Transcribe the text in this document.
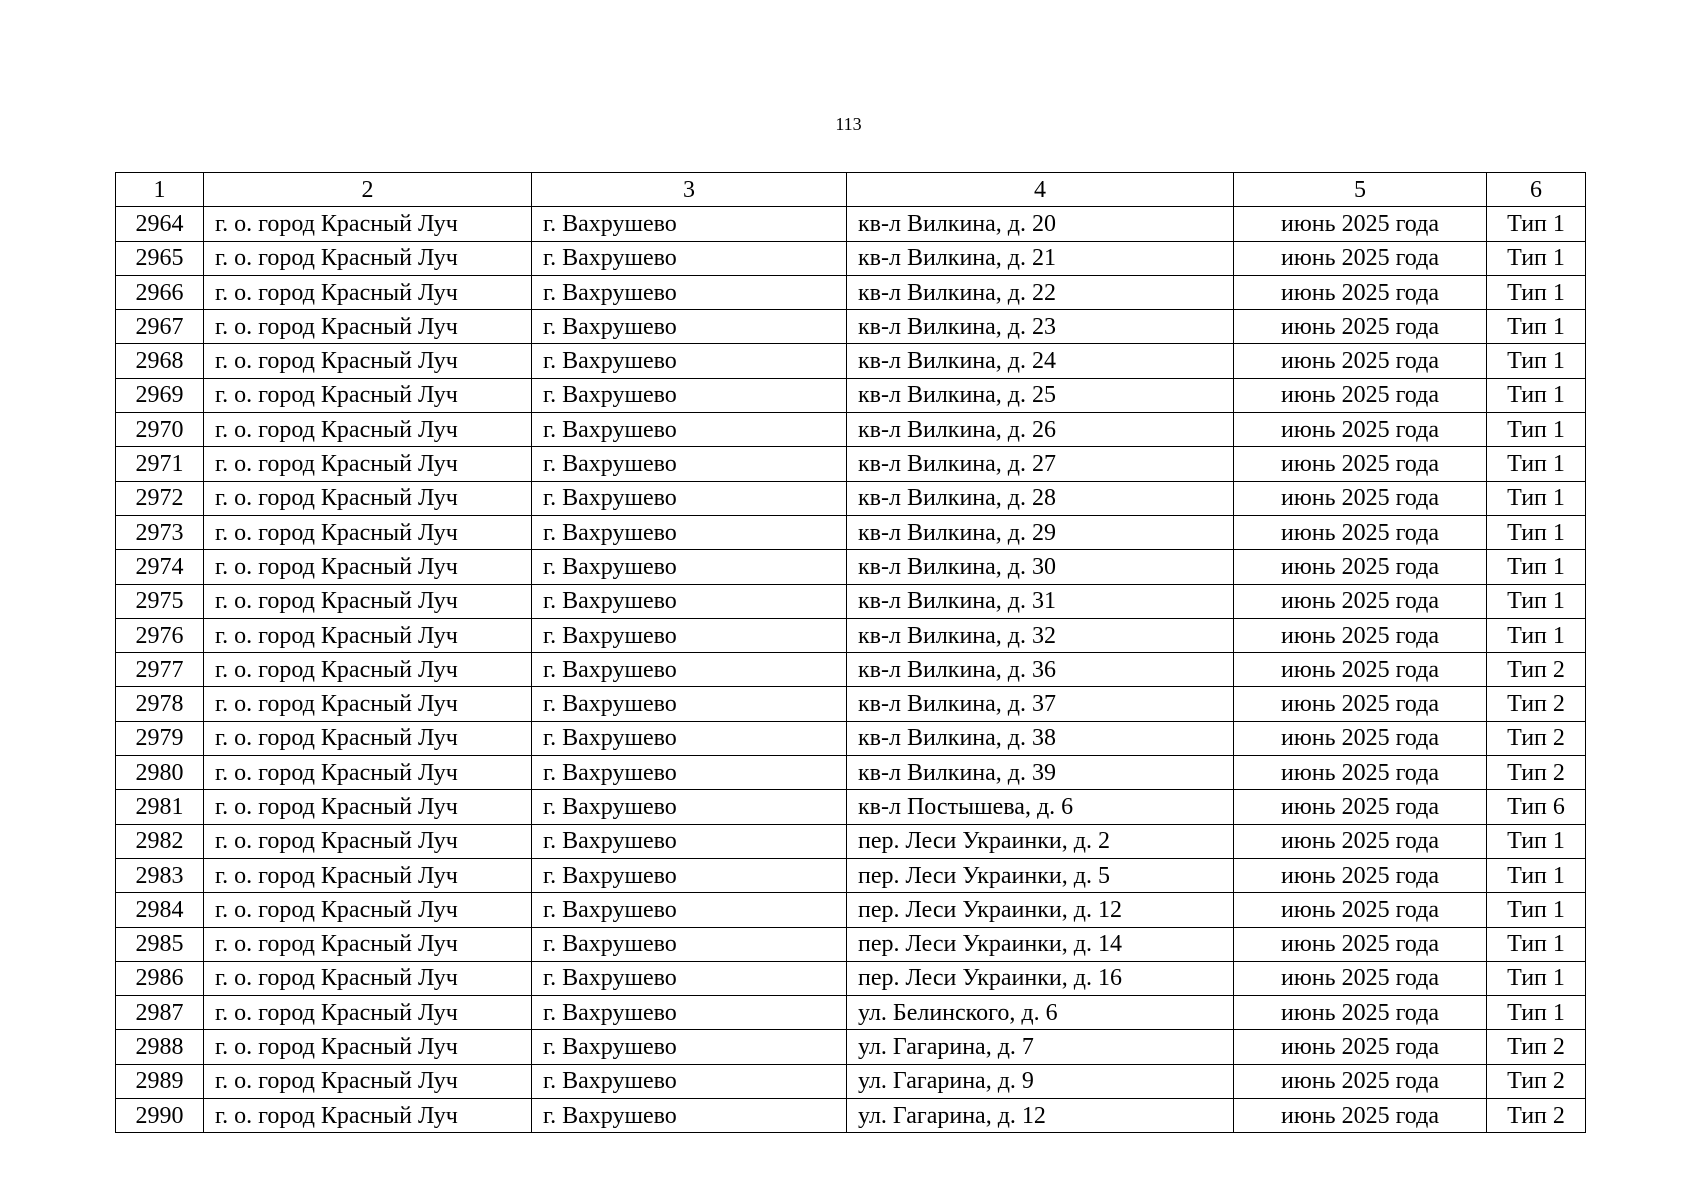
113
1	2	3	4	5	6
2964	г. о. город Красный Луч	г. Вахрушево	кв-л Вилкина, д. 20	июнь 2025 года	Тип 1
2965	г. о. город Красный Луч	г. Вахрушево	кв-л Вилкина, д. 21	июнь 2025 года	Тип 1
2966	г. о. город Красный Луч	г. Вахрушево	кв-л Вилкина, д. 22	июнь 2025 года	Тип 1
2967	г. о. город Красный Луч	г. Вахрушево	кв-л Вилкина, д. 23	июнь 2025 года	Тип 1
2968	г. о. город Красный Луч	г. Вахрушево	кв-л Вилкина, д. 24	июнь 2025 года	Тип 1
2969	г. о. город Красный Луч	г. Вахрушево	кв-л Вилкина, д. 25	июнь 2025 года	Тип 1
2970	г. о. город Красный Луч	г. Вахрушево	кв-л Вилкина, д. 26	июнь 2025 года	Тип 1
2971	г. о. город Красный Луч	г. Вахрушево	кв-л Вилкина, д. 27	июнь 2025 года	Тип 1
2972	г. о. город Красный Луч	г. Вахрушево	кв-л Вилкина, д. 28	июнь 2025 года	Тип 1
2973	г. о. город Красный Луч	г. Вахрушево	кв-л Вилкина, д. 29	июнь 2025 года	Тип 1
2974	г. о. город Красный Луч	г. Вахрушево	кв-л Вилкина, д. 30	июнь 2025 года	Тип 1
2975	г. о. город Красный Луч	г. Вахрушево	кв-л Вилкина, д. 31	июнь 2025 года	Тип 1
2976	г. о. город Красный Луч	г. Вахрушево	кв-л Вилкина, д. 32	июнь 2025 года	Тип 1
2977	г. о. город Красный Луч	г. Вахрушево	кв-л Вилкина, д. 36	июнь 2025 года	Тип 2
2978	г. о. город Красный Луч	г. Вахрушево	кв-л Вилкина, д. 37	июнь 2025 года	Тип 2
2979	г. о. город Красный Луч	г. Вахрушево	кв-л Вилкина, д. 38	июнь 2025 года	Тип 2
2980	г. о. город Красный Луч	г. Вахрушево	кв-л Вилкина, д. 39	июнь 2025 года	Тип 2
2981	г. о. город Красный Луч	г. Вахрушево	кв-л Постышева, д. 6	июнь 2025 года	Тип 6
2982	г. о. город Красный Луч	г. Вахрушево	пер. Леси Украинки, д. 2	июнь 2025 года	Тип 1
2983	г. о. город Красный Луч	г. Вахрушево	пер. Леси Украинки, д. 5	июнь 2025 года	Тип 1
2984	г. о. город Красный Луч	г. Вахрушево	пер. Леси Украинки, д. 12	июнь 2025 года	Тип 1
2985	г. о. город Красный Луч	г. Вахрушево	пер. Леси Украинки, д. 14	июнь 2025 года	Тип 1
2986	г. о. город Красный Луч	г. Вахрушево	пер. Леси Украинки, д. 16	июнь 2025 года	Тип 1
2987	г. о. город Красный Луч	г. Вахрушево	ул. Белинского, д. 6	июнь 2025 года	Тип 1
2988	г. о. город Красный Луч	г. Вахрушево	ул. Гагарина, д. 7	июнь 2025 года	Тип 2
2989	г. о. город Красный Луч	г. Вахрушево	ул. Гагарина, д. 9	июнь 2025 года	Тип 2
2990	г. о. город Красный Луч	г. Вахрушево	ул. Гагарина, д. 12	июнь 2025 года	Тип 2
